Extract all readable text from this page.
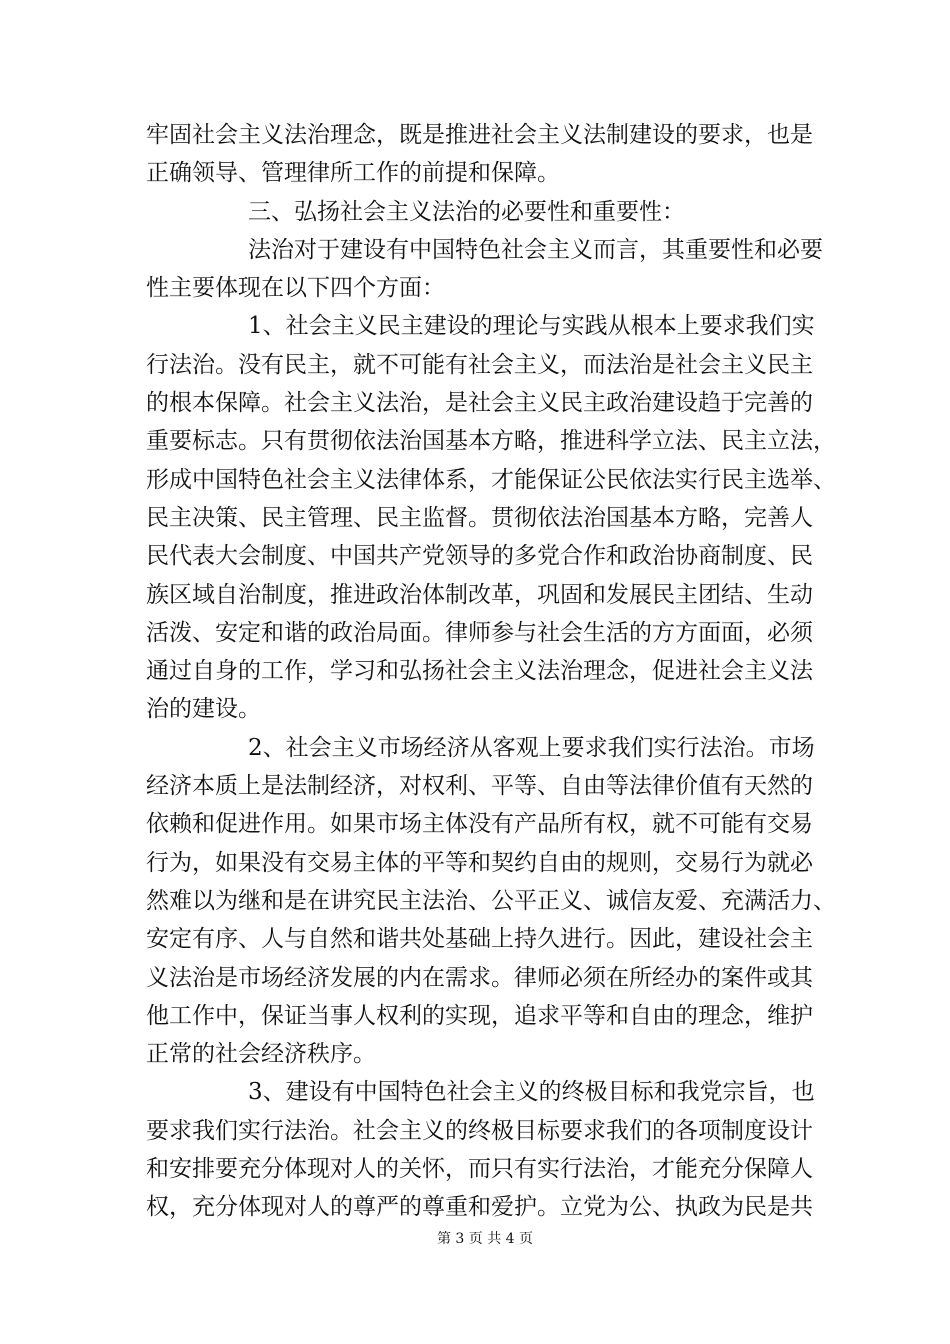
牢固社会主义法治理念，既是推进社会主义法制建设的要求，也是
正确领导、管理律所工作的前提和保障。
三、弘扬社会主义法治的必要性和重要性：
法治对于建设有中国特色社会主义而言，其重要性和必要
性主要体现在以下四个方面：
1、社会主义民主建设的理论与实践从根本上要求我们实
行法治。没有民主，就不可能有社会主义，而法治是社会主义民主
的根本保障。社会主义法治，是社会主义民主政治建设趋于完善的
重要标志。只有贯彻依法治国基本方略，推进科学立法、民主立法，
形成中国特色社会主义法律体系，才能保证公民依法实行民主选举、
民主决策、民主管理、民主监督。贯彻依法治国基本方略，完善人
民代表大会制度、中国共产党领导的多党合作和政治协商制度、民
族区域自治制度，推进政治体制改革，巩固和发展民主团结、生动
活泼、安定和谐的政治局面。律师参与社会生活的方方面面，必须
通过自身的工作，学习和弘扬社会主义法治理念，促进社会主义法
治的建设。
2、社会主义市场经济从客观上要求我们实行法治。市场
经济本质上是法制经济，对权利、平等、自由等法律价值有天然的
依赖和促进作用。如果市场主体没有产品所有权，就不可能有交易
行为，如果没有交易主体的平等和契约自由的规则，交易行为就必
然难以为继和是在讲究民主法治、公平正义、诚信友爱、充满活力、
安定有序、人与自然和谐共处基础上持久进行。因此，建设社会主
义法治是市场经济发展的内在需求。律师必须在所经办的案件或其
他工作中，保证当事人权利的实现，追求平等和自由的理念，维护
正常的社会经济秩序。
3、建设有中国特色社会主义的终极目标和我党宗旨，也
要求我们实行法治。社会主义的终极目标要求我们的各项制度设计
和安排要充分体现对人的关怀，而只有实行法治，才能充分保障人
权，充分体现对人的尊严的尊重和爱护。立党为公、执政为民是共
第 3 页 共 4 页
